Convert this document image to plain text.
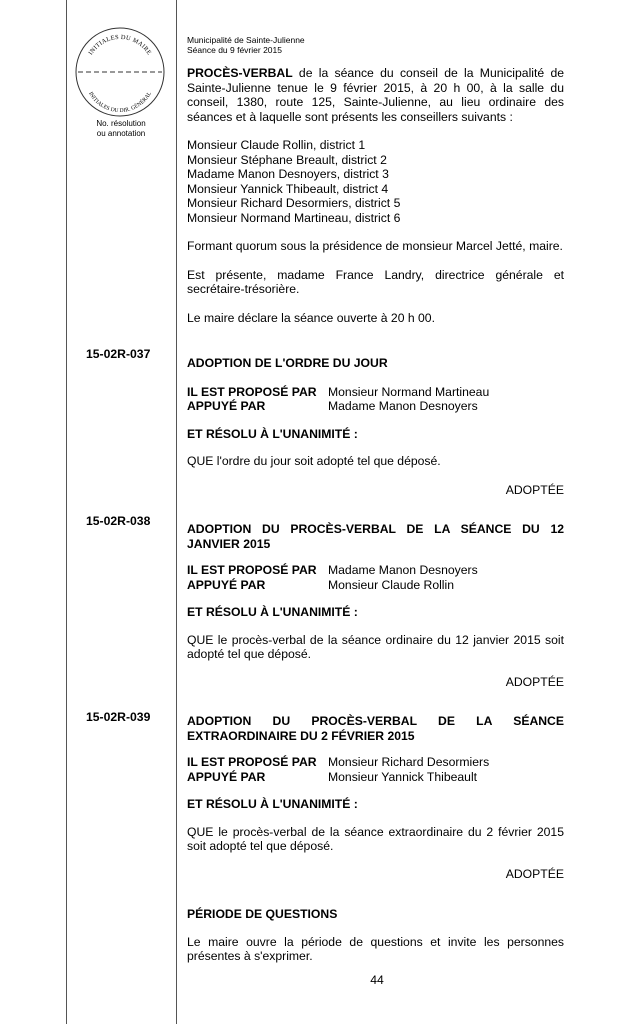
INITIALES DU MAIRE
INITIALES DU DIR. GÉNÉRAL
No. résolution
ou annotation
Municipalité de Sainte-Julienne
Séance du 9 février 2015
15-02R-037
15-02R-038
15-02R-039

PROCÈS-VERBAL de la séance du conseil de la Municipalité de

Sainte-Julienne tenue le 9 février 2015, à 20 h 00, à la salle du

conseil, 1380, route 125, Sainte-Julienne, au lieu ordinaire des

séances et à laquelle sont présents les conseillers suivants :

Monsieur Claude Rollin, district 1

Monsieur Stéphane Breault, district 2

Madame Manon Desnoyers, district 3

Monsieur Yannick Thibeault, district 4

Monsieur Richard Desormiers, district 5

Monsieur Normand Martineau, district 6

Formant quorum sous la présidence de monsieur Marcel Jetté, maire.

Est présente, madame France Landry, directrice générale et

secrétaire-trésorière.

Le maire déclare la séance ouverte à 20 h 00.

ADOPTION DE L'ORDRE DU JOUR

IL EST PROPOSÉ PAR Monsieur Normand Martineau
APPUYÉ PAR	Madame Manon Desnoyers

ET RÉSOLU À L'UNANIMITÉ :

QUE l'ordre du jour soit adopté tel que déposé.

ADOPTÉE

ADOPTION DU PROCÈS-VERBAL DE LA SÉANCE DU 12

JANVIER 2015

IL EST PROPOSÉ PAR Madame Manon Desnoyers
APPUYÉ PAR	Monsieur Claude Rollin

ET RÉSOLU À L'UNANIMITÉ :

QUE le procès-verbal de la séance ordinaire du 12 janvier 2015 soit

adopté tel que déposé.

ADOPTÉE

ADOPTION DU PROCÈS-VERBAL DE LA SÉANCE

EXTRAORDINAIRE DU 2 FÉVRIER 2015

IL EST PROPOSÉ PAR Monsieur Richard Desormiers
APPUYÉ PAR	Monsieur Yannick Thibeault

ET RÉSOLU À L'UNANIMITÉ :

QUE le procès-verbal de la séance extraordinaire du 2 février 2015

soit adopté tel que déposé.

ADOPTÉE

PÉRIODE DE QUESTIONS

Le maire ouvre la période de questions et invite les personnes

présentes à s'exprimer.

44
